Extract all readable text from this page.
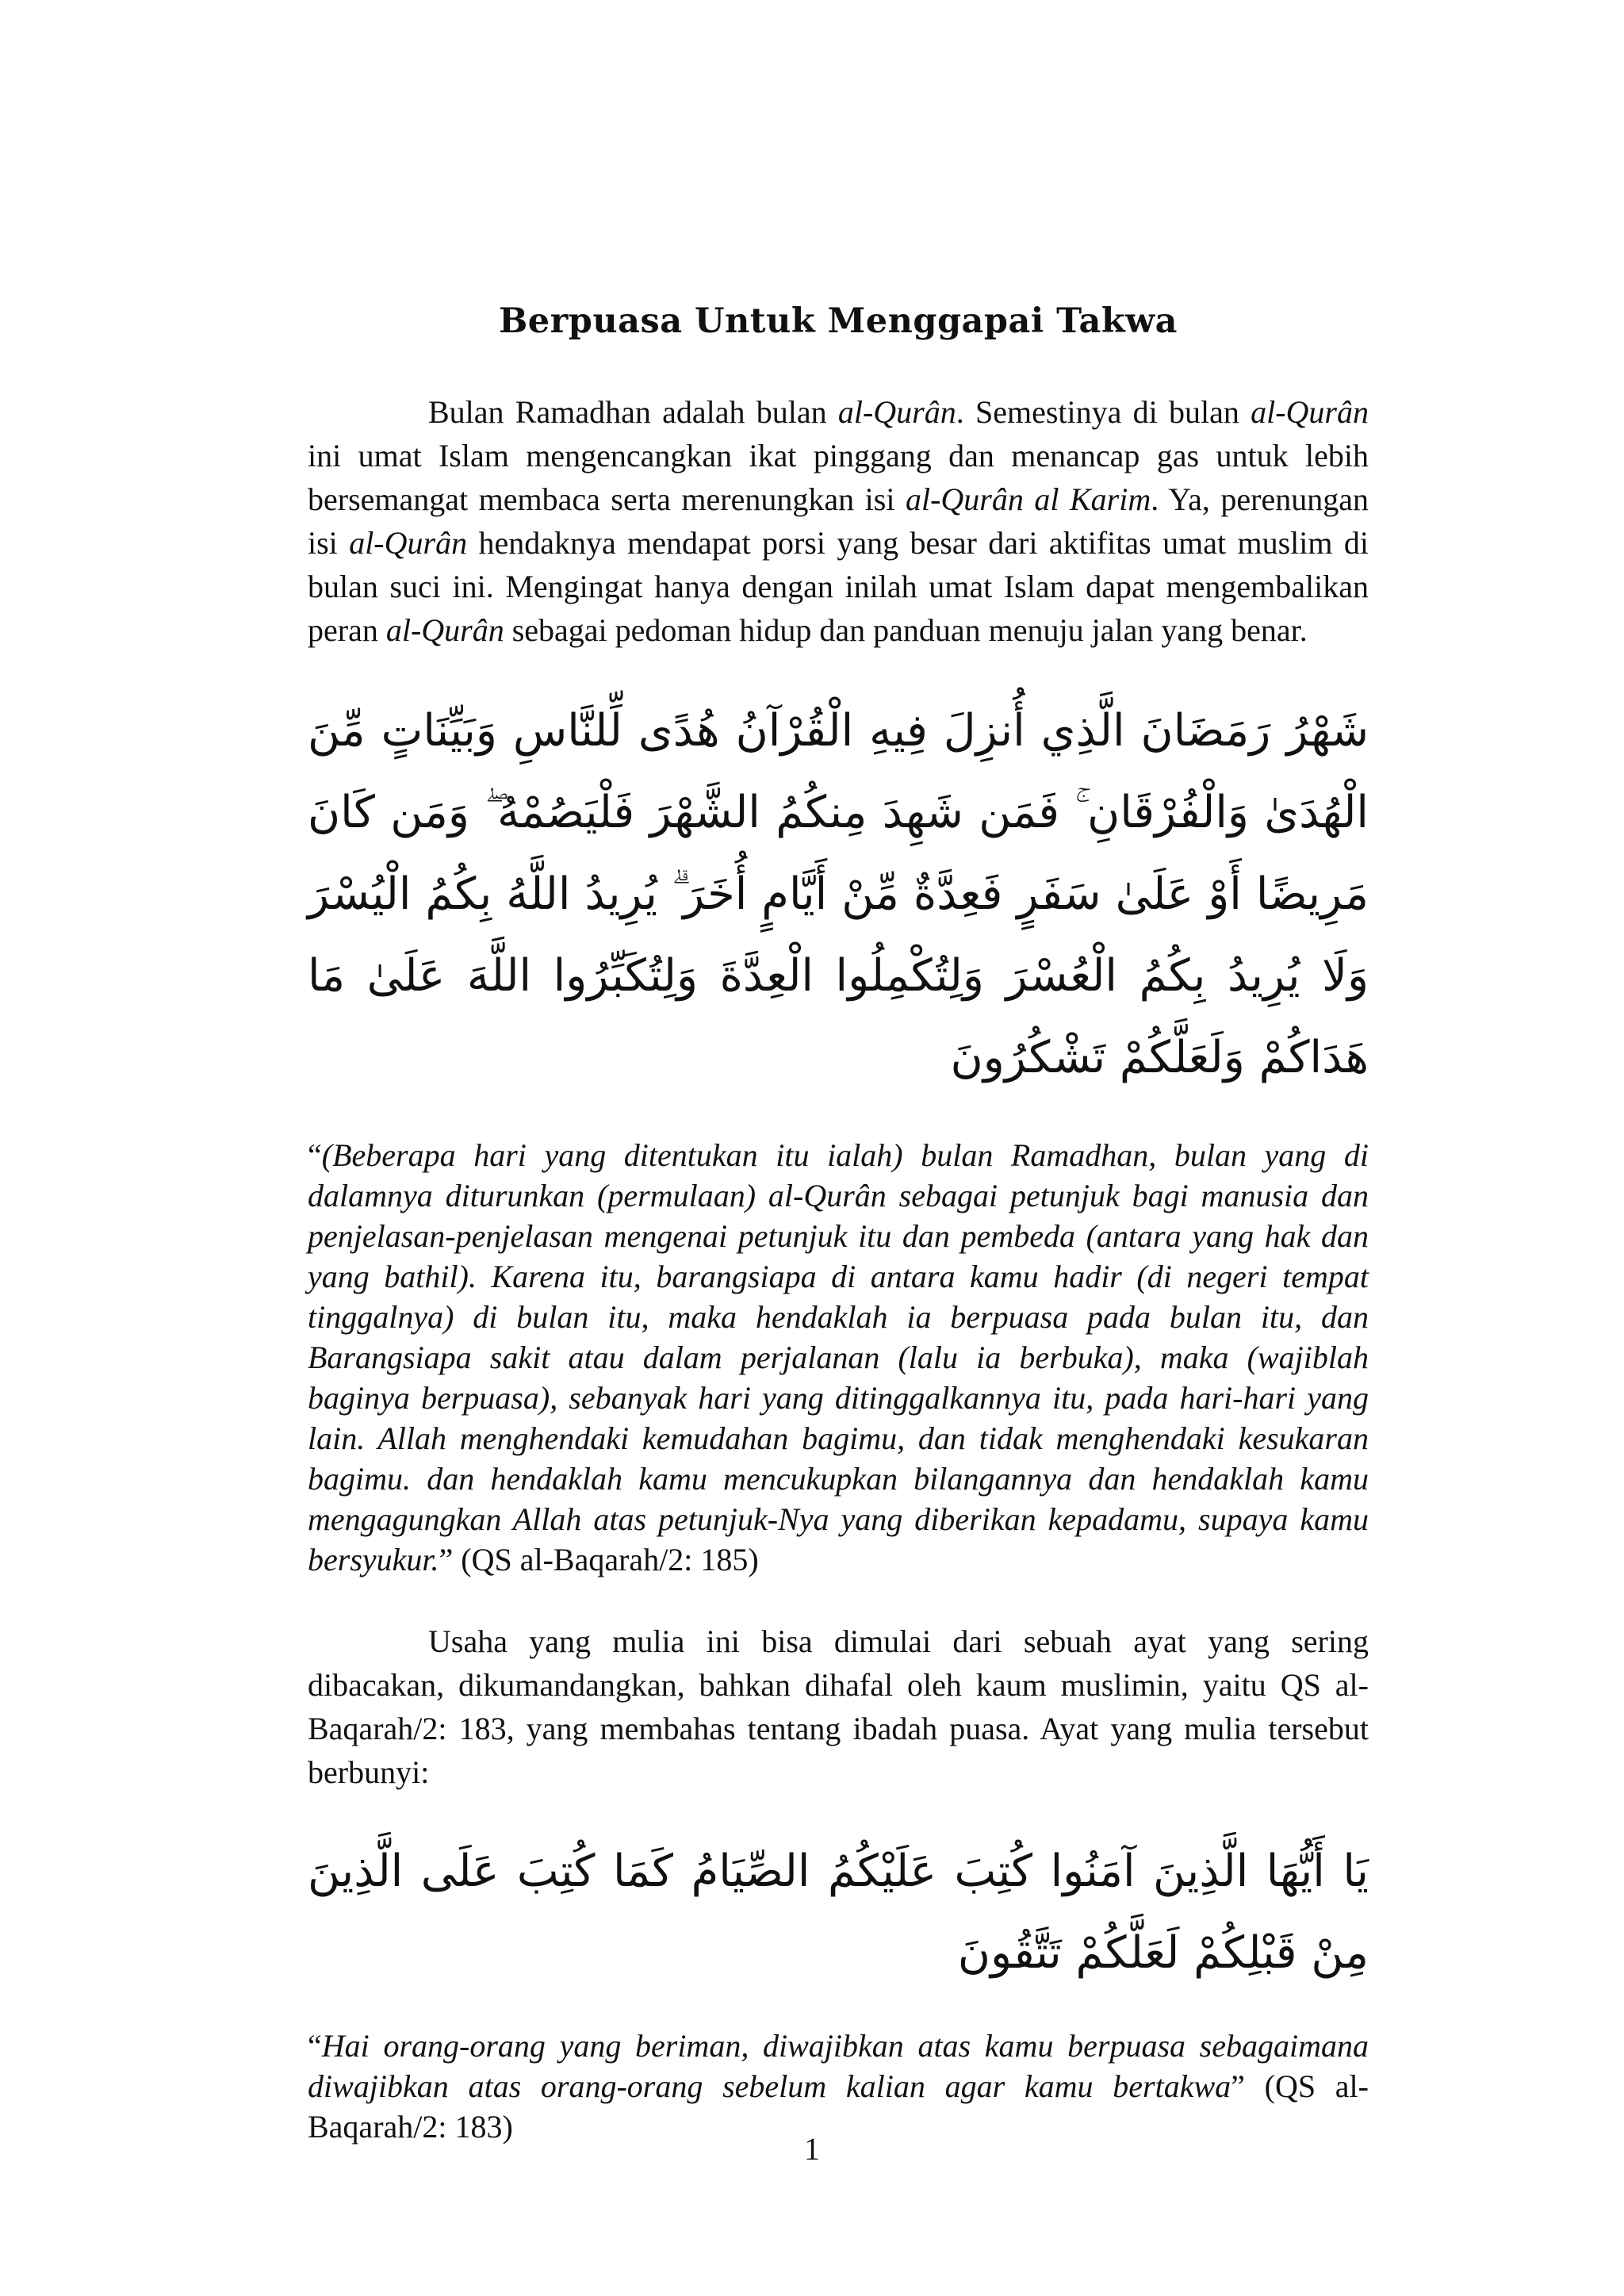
Berpuasa Untuk Menggapai Takwa

Bulan Ramadhan adalah bulan al-Qurân. Semestinya di bulan al-Qurân ini umat Islam mengencangkan ikat pinggang dan menancap gas untuk lebih bersemangat membaca serta merenungkan isi al-Qurân al Karim. Ya, perenungan isi al-Qurân hendaknya mendapat porsi yang besar dari aktifitas umat muslim di bulan suci ini. Mengingat hanya dengan inilah umat Islam dapat mengembalikan peran al-Qurân sebagai pedoman hidup dan panduan menuju jalan yang benar.

شَهْرُ رَمَضَانَ الَّذِي أُنزِلَ فِيهِ الْقُرْآنُ هُدًى لِّلنَّاسِ وَبَيِّنَاتٍ مِّنَ الْهُدَىٰ وَالْفُرْقَانِ ۚ فَمَن شَهِدَ مِنكُمُ الشَّهْرَ فَلْيَصُمْهُ ۖ وَمَن كَانَ مَرِيضًا أَوْ عَلَىٰ سَفَرٍ فَعِدَّةٌ مِّنْ أَيَّامٍ أُخَرَ ۗ يُرِيدُ اللَّهُ بِكُمُ الْيُسْرَ وَلَا يُرِيدُ بِكُمُ الْعُسْرَ وَلِتُكْمِلُوا الْعِدَّةَ وَلِتُكَبِّرُوا اللَّهَ عَلَىٰ مَا هَدَاكُمْ وَلَعَلَّكُمْ تَشْكُرُونَ

“(Beberapa hari yang ditentukan itu ialah) bulan Ramadhan, bulan yang di dalamnya diturunkan (permulaan) al-Qurân sebagai petunjuk bagi manusia dan penjelasan-penjelasan mengenai petunjuk itu dan pembeda (antara yang hak dan yang bathil). Karena itu, barangsiapa di antara kamu hadir (di negeri tempat tinggalnya) di bulan itu, maka hendaklah ia berpuasa pada bulan itu, dan Barangsiapa sakit atau dalam perjalanan (lalu ia berbuka), maka (wajiblah baginya berpuasa), sebanyak hari yang ditinggalkannya itu, pada hari-hari yang lain. Allah menghendaki kemudahan bagimu, dan tidak menghendaki kesukaran bagimu. dan hendaklah kamu mencukupkan bilangannya dan hendaklah kamu mengagungkan Allah atas petunjuk-Nya yang diberikan kepadamu, supaya kamu bersyukur.” (QS al-Baqarah/2: 185)

Usaha yang mulia ini bisa dimulai dari sebuah ayat yang sering dibacakan, dikumandangkan, bahkan dihafal oleh kaum muslimin, yaitu QS al-Baqarah/2: 183, yang membahas tentang ibadah puasa. Ayat yang mulia tersebut berbunyi:

يَا أَيُّهَا الَّذِينَ آمَنُوا كُتِبَ عَلَيْكُمُ الصِّيَامُ كَمَا كُتِبَ عَلَى الَّذِينَ مِنْ قَبْلِكُمْ لَعَلَّكُمْ تَتَّقُونَ

“Hai orang-orang yang beriman, diwajibkan atas kamu berpuasa sebagaimana diwajibkan atas orang-orang sebelum kalian agar kamu bertakwa” (QS al-Baqarah/2: 183)

1
